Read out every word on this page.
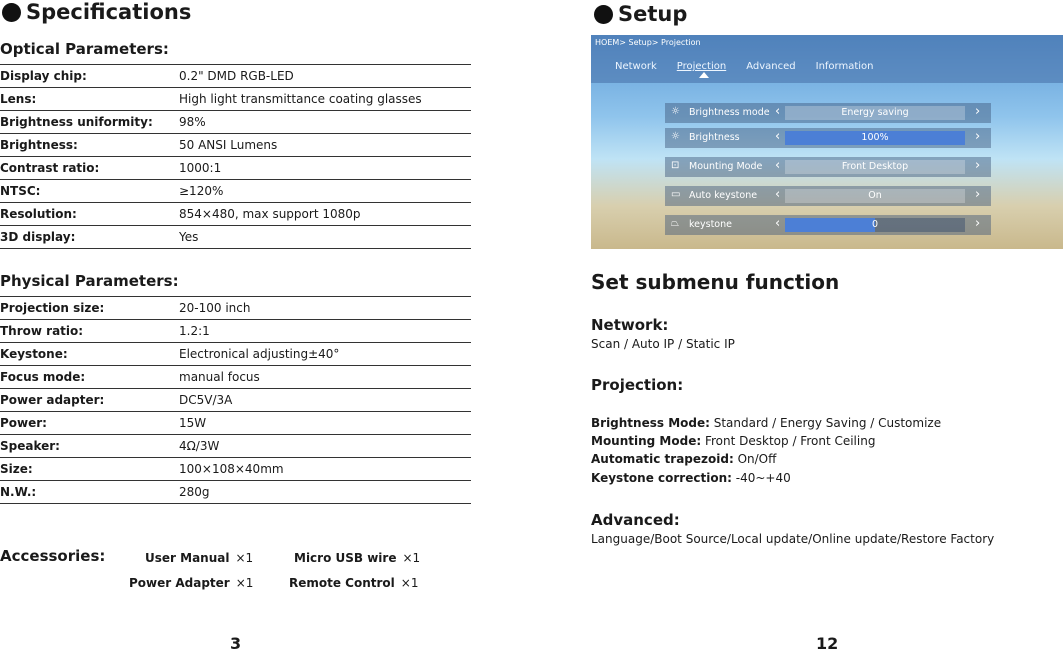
Specifications
Optical Parameters:
Display chip:	0.2" DMD RGB-LED
Lens:	High light transmittance coating glasses
Brightness uniformity:	98%
Brightness:	50 ANSI Lumens
Contrast ratio:	1000:1
NTSC:	≥120%
Resolution:	854×480, max support 1080p
3D display:	Yes
Physical Parameters:
Projection size:	20-100 inch
Throw ratio:	1.2:1
Keystone:	Electronical adjusting±40°
Focus mode:	manual focus
Power adapter:	DC5V/3A
Power:	15W
Speaker:	4Ω/3W
Size:	100×108×40mm
N.W.:	280g
Accessories:	User Manual ×1	Micro USB wire ×1
Power Adapter ×1	Remote Control ×1
3
Setup
HOEM> Setup> Projection
Network Projection Advanced Information
☼ Brightness mode ‹	Energy saving	›
☼ Brightness	‹	100%	›
⊡ Mounting Mode ‹	Front Desktop	›
▭ Auto keystone ‹	On	›
⏢ keystone	‹	0	›
Set submenu function
Network:
Scan / Auto IP / Static IP
Projection:
Brightness Mode: Standard / Energy Saving / Customize
Mounting Mode: Front Desktop / Front Ceiling
Automatic trapezoid: On/Off
Keystone correction: -40~+40
Advanced:
Language/Boot Source/Local update/Online update/Restore Factory
12
